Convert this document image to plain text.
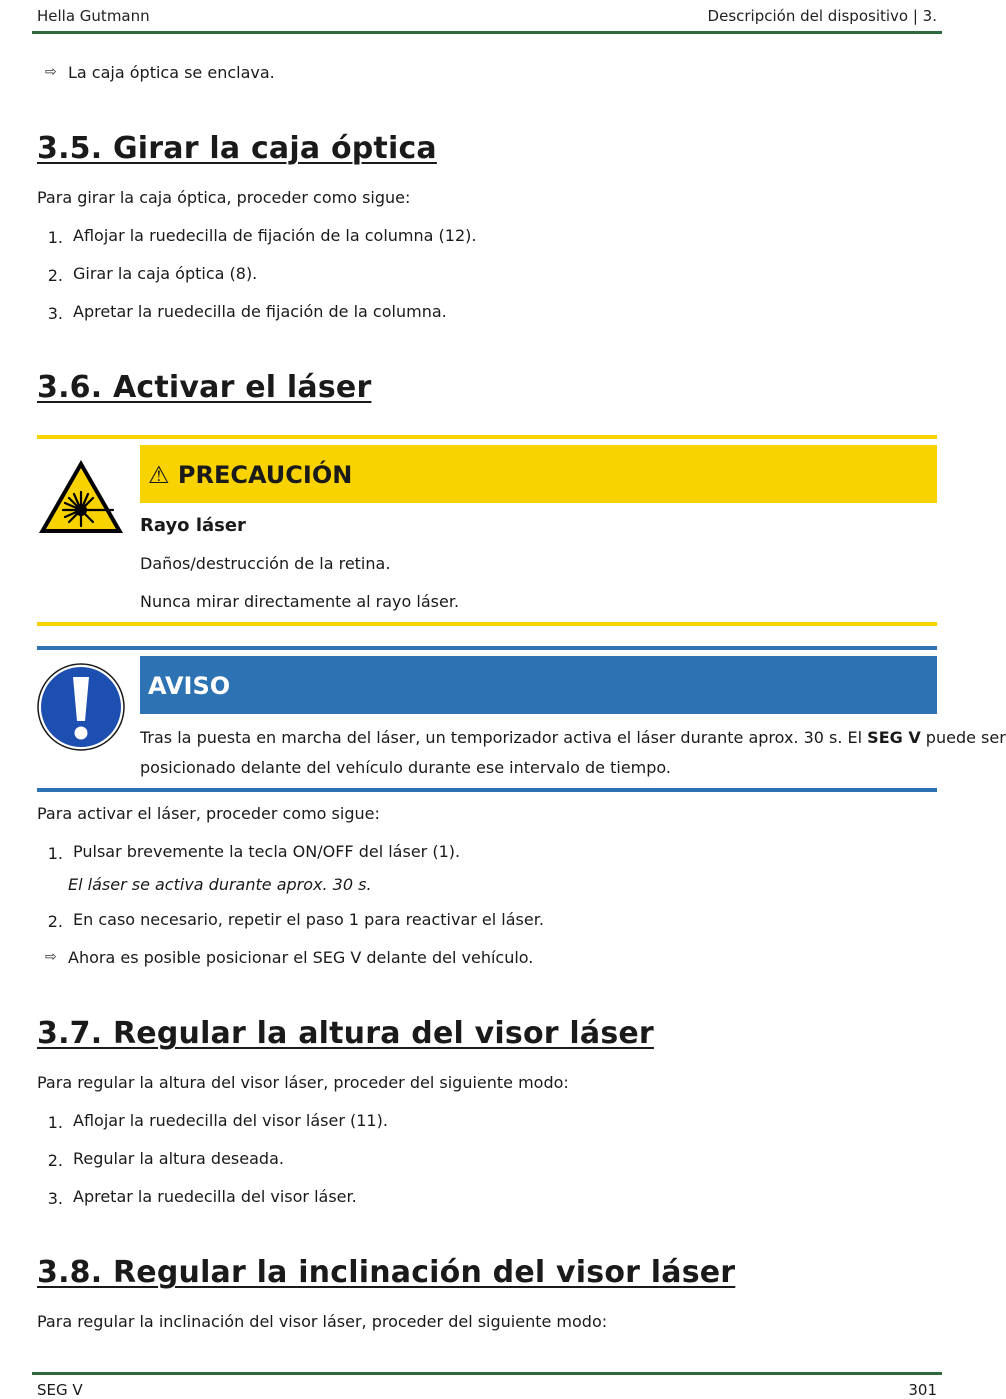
Hella Gutmann	Descripción del dispositivo | 3.
⇨ La caja óptica se enclava.
3.5. Girar la caja óptica
Para girar la caja óptica, proceder como sigue:
1. Aflojar la ruedecilla de fijación de la columna (12).
2. Girar la caja óptica (8).
3. Apretar la ruedecilla de fijación de la columna.
3.6. Activar el láser
⚠ PRECAUCIÓN
Rayo láser
Daños/destrucción de la retina.
Nunca mirar directamente al rayo láser.
AVISO
Tras la puesta en marcha del láser, un temporizador activa el láser durante aprox. 30 s. El SEG V puede ser
posicionado delante del vehículo durante ese intervalo de tiempo.
Para activar el láser, proceder como sigue:
1. Pulsar brevemente la tecla ON/OFF del láser (1).
El láser se activa durante aprox. 30 s.
2. En caso necesario, repetir el paso 1 para reactivar el láser.
⇨ Ahora es posible posicionar el SEG V delante del vehículo.
3.7. Regular la altura del visor láser
Para regular la altura del visor láser, proceder del siguiente modo:
1. Aflojar la ruedecilla del visor láser (11).
2. Regular la altura deseada.
3. Apretar la ruedecilla del visor láser.
3.8. Regular la inclinación del visor láser
Para regular la inclinación del visor láser, proceder del siguiente modo:
SEG V	301
